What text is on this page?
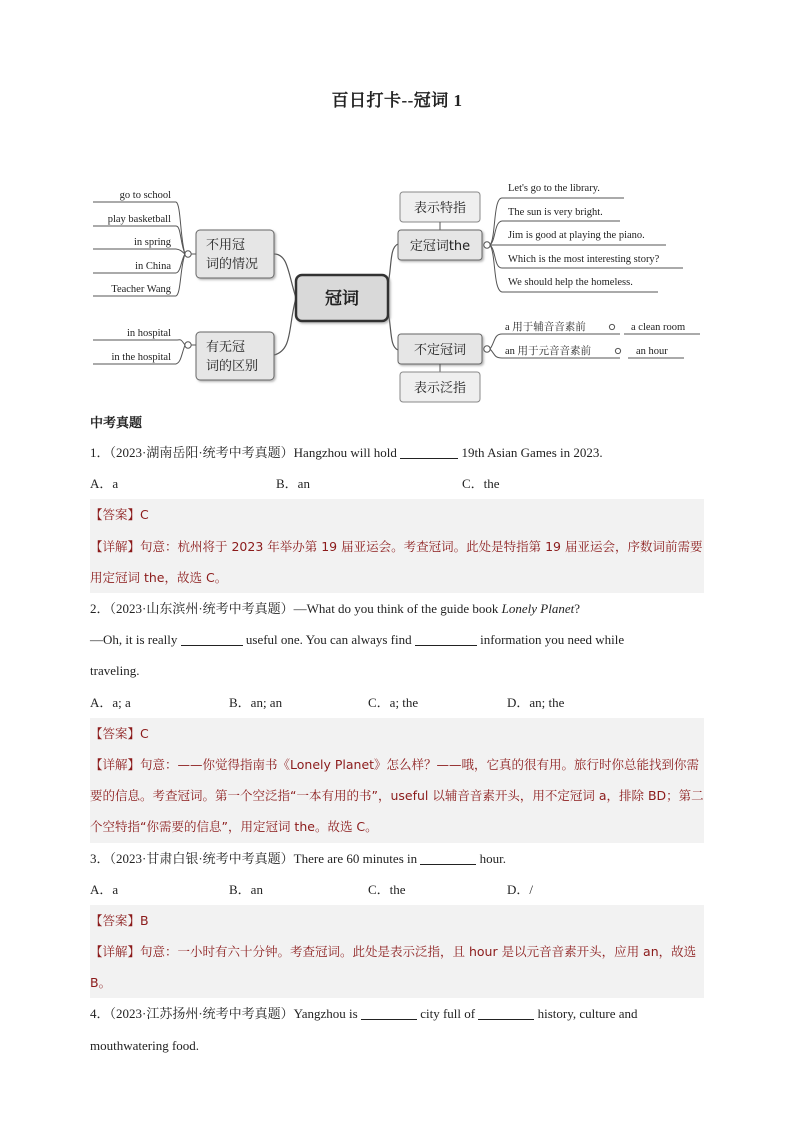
百日打卡--冠词 1
冠词
不用冠
词的情况
go to school
play basketball
in spring
in China
Teacher Wang
有无冠
词的区别
in hospital
in the hospital
表示特指
定冠词the
Let's go to the library.
The sun is very bright.
Jim is good at playing the piano.
Which is the most interesting story?
We should help the homeless.
不定冠词
表示泛指
a 用于辅音音素前
an 用于元音音素前
a clean room
an hour
中考真题
1．（2023·湖南岳阳·统考中考真题）Hangzhou will hold	19th Asian Games in 2023.
A．a	B．an	C．the
【答案】C
【详解】句意：杭州将于 2023 年举办第 19 届亚运会。考查冠词。此处是特指第 19 届亚运会，序数词前需要用定冠词 the，故选 C。
2．（2023·山东滨州·统考中考真题）—What do you think of the guide book Lonely Planet?
—Oh, it is really	useful one. You can always find	information you need while
traveling.
A．a; a	B．an; an	C．a; the	D．an; the
【答案】C
【详解】句意：——你觉得指南书《Lonely Planet》怎么样？——哦，它真的很有用。旅行时你总能找到你需要的信息。考查冠词。第一个空泛指“一本有用的书”，useful 以辅音音素开头，用不定冠词 a，排除 BD；第二个空特指“你需要的信息”，用定冠词 the。故选 C。
3．（2023·甘肃白银·统考中考真题）There are 60 minutes in	hour.
A．a	B．an	C．the	D．/
【答案】B
【详解】句意：一小时有六十分钟。考查冠词。此处是表示泛指，且 hour 是以元音音素开头，应用 an，故选 B。
4．（2023·江苏扬州·统考中考真题）Yangzhou is	city full of	history, culture and
mouthwatering food.
